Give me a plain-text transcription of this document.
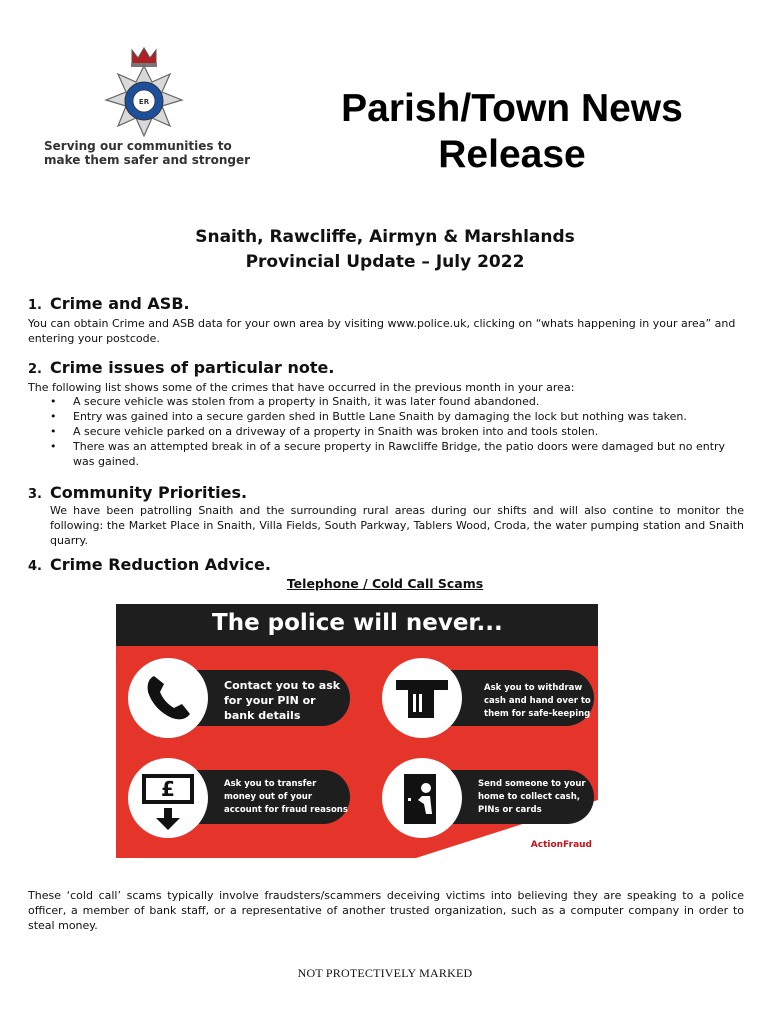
ER
Serving our communities to
make them safer and stronger
Parish/Town News
Release
Snaith, Rawcliffe, Airmyn & Marshlands
Provincial Update – July 2022
1. Crime and ASB.
You can obtain Crime and ASB data for your own area by visiting www.police.uk, clicking on “whats happening in your area” and entering your postcode.
2. Crime issues of particular note.
The following list shows some of the crimes that have occurred in the previous month in your area:
• A secure vehicle was stolen from a property in Snaith, it was later found abandoned.
• Entry was gained into a secure garden shed in Buttle Lane Snaith by damaging the lock but nothing was taken.
• A secure vehicle parked on a driveway of a property in Snaith was broken into and tools stolen.
• There was an attempted break in of a secure property in Rawcliffe Bridge, the patio doors were damaged but no entry was gained.
3. Community Priorities.
We have been patrolling Snaith and the surrounding rural areas during our shifts and will also contine to monitor the following: the Market Place in Snaith, Villa Fields, South Parkway, Tablers Wood, Croda, the water pumping station and Snaith quarry.
4. Crime Reduction Advice.
Telephone / Cold Call Scams
The police will never...
Contact you to ask for your PIN or bank details
Ask you to withdraw cash and hand over to them for safe-keeping
£	Ask you to transfer money out of your account for fraud reasons
Send someone to your home to collect cash, PINs or cards
ActionFraud
These ‘cold call’ scams typically involve fraudsters/scammers deceiving victims into believing they are speaking to a police officer, a member of bank staff, or a representative of another trusted organization, such as a computer company in order to steal money.
NOT PROTECTIVELY MARKED
